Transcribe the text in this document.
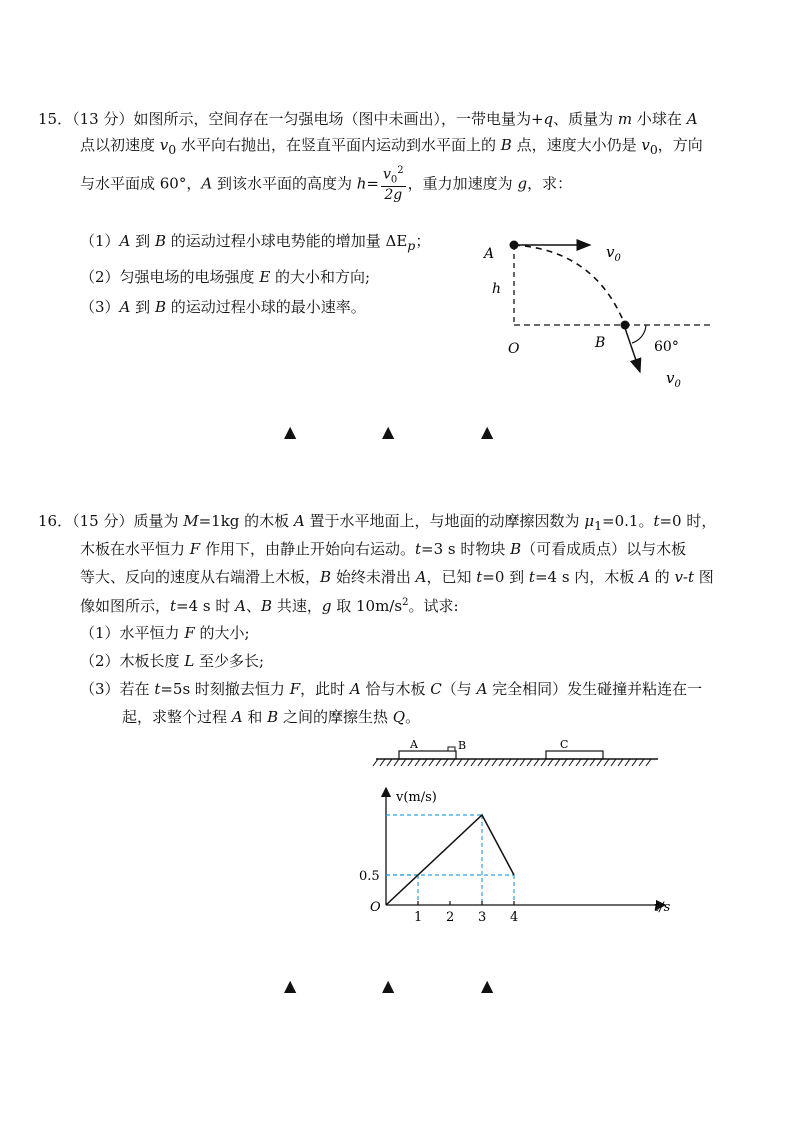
15．（13 分）如图所示，空间存在一匀强电场（图中未画出），一带电量为+q、质量为 m 小球在 A
点以初速度 $v_0$ 水平向右抛出，在竖直平面内运动到水平面上的 B 点，速度大小仍是 $v_0$，方向
与水平面成 60°，A 到该水平面的高度为 $h= \frac{v_0^2}{2g}$ ，重力加速度为 g，求：
（1）A 到 B 的运动过程小球电势能的增加量 $\Delta E_p$；
（2）匀强电场的电场强度 E 的大小和方向;
（3）A 到 B 的运动过程小球的最小速率。
A	$v_0$
h
O	B	60°
$v_0$
▲	▲	▲
16．（15 分）质量为 M=1kg 的木板 A 置于水平地面上，与地面的动摩擦因数为 $\mu_1=0.1$。t=0 时，
木板在水平恒力 F 作用下，由静止开始向右运动。t=3 s 时物块 B（可看成质点）以与木板
等大、反向的速度从右端滑上木板，B 始终未滑出 A，已知 t=0 到 t=4 s 内，木板 A 的 v-t 图
像如图所示，t=4 s 时 A、B 共速，g 取 $10m/s^2$。试求:
（1）水平恒力 F 的大小;
（2）木板长度 L 至少多长;
（3）若在 t=5s 时刻撤去恒力 F，此时 A 恰与木板 C（与 A 完全相同）发生碰撞并粘连在一
起，求整个过程 A 和 B 之间的摩擦生热 Q。
A	B	C
1 2 3 4
0.5
v(m/s)
t/s
O
▲	▲	▲
